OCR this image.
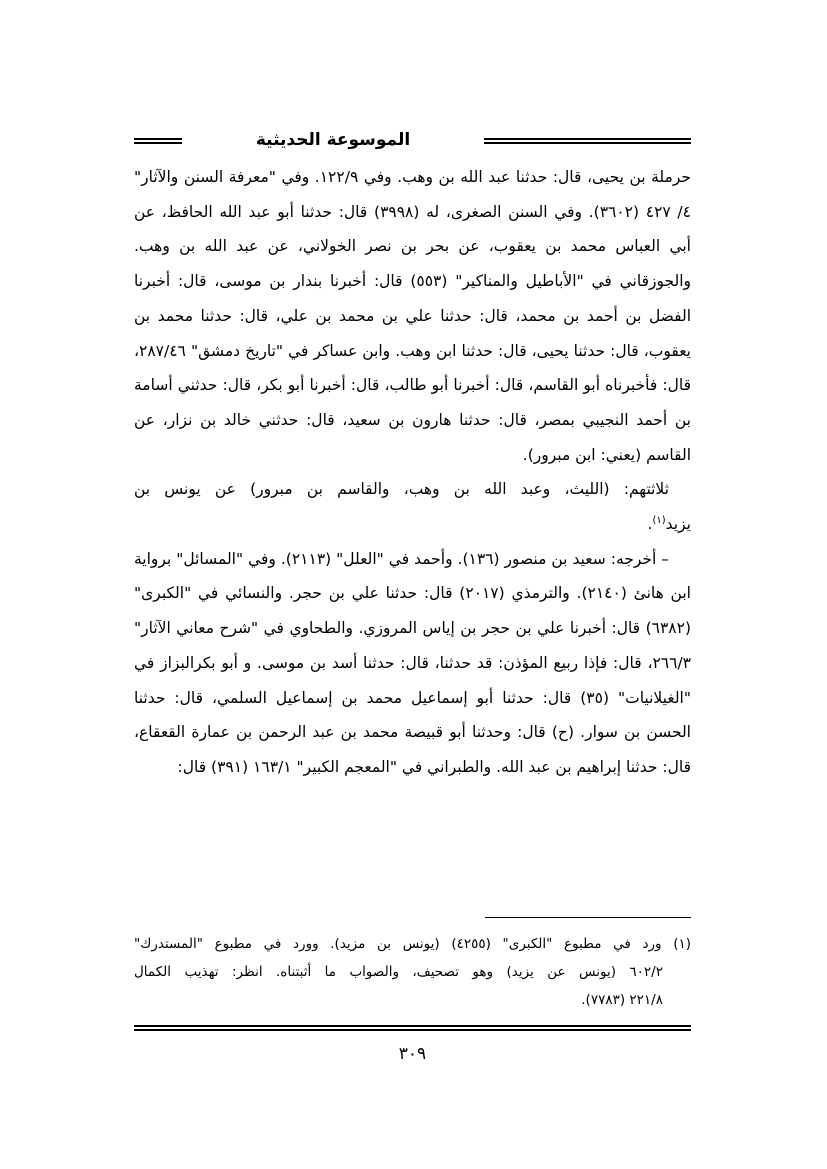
الموسوعة الحديثية

حرملة بن يحيى، قال: حدثنا عبد الله بن وهب. وفي ٩/‏١٢٢. وفي "معرفة السنن والآثار" ٤/ ٤٢٧ (٣٦٠٢). وفي السنن الصغرى، له (٣٩٩٨) قال: حدثنا أبو عبد الله الحافظ، عن أبي العباس محمد بن يعقوب، عن بحر بن نصر الخولاني، عن عبد الله بن وهب. والجوزقاني في "الأباطيل والمناكير" (٥٥٣) قال: أخبرنا بندار بن موسى، قال: أخبرنا الفضل بن أحمد بن محمد، قال: حدثنا علي بن محمد بن علي، قال: حدثنا محمد بن يعقوب، قال: حدثنا يحيى، قال: حدثنا ابن وهب. وابن عساكر في "تاريخ دمشق" ٤٦/‏٢٨٧، قال: فأخبرناه أبو القاسم، قال: أخبرنا أبو طالب، قال: أخبرنا أبو بكر، قال: حدثني أسامة بن أحمد النجيبي بمصر، قال: حدثنا هارون بن سعيد، قال: حدثني خالد بن نزار، عن القاسم (يعني: ابن مبرور).

ثلاثتهم: (الليث، وعبد الله بن وهب، والقاسم بن مبرور) عن يونس بن

يزيد$^{(١)}$.

– أخرجه: سعيد بن منصور (١٣٦). وأحمد في "العلل" (٢١١٣). وفي "المسائل" برواية ابن هانئ (٢١٤٠). والترمذي (٢٠١٧) قال: حدثنا علي بن حجر. والنسائي في "الكبرى" (٦٣٨٢) قال: أخبرنا علي بن حجر بن إياس المروزي. والطحاوي في "شرح معاني الآثار" ٣/‏٢٦٦، قال: فإذا ربيع المؤذن: قد حدثنا، قال: حدثنا أسد بن موسى. و أبو بكرالبزاز في "الغيلانيات" (٣٥) قال: حدثنا أبو إسماعيل محمد بن إسماعيل السلمي، قال: حدثنا الحسن بن سوار. (ح) قال: وحدثنا أبو قبيصة محمد بن عبد الرحمن بن عمارة القعقاع، قال: حدثنا إبراهيم بن عبد الله. والطبراني في "المعجم الكبير" ١/‏١٦٣ (٣٩١) قال:

(١) ورد في مطبوع "الكبرى" (٤٢٥٥) (يونس بن مزيد). وورد في مطبوع "المستدرك"

٢/‏٦٠٢ (يونس عن يزيد) وهو تصحيف، والصواب ما أثبتناه. انظر: تهذيب الكمال

٨/‏٢٢١ (٧٧٨٣).

٣٠٩
